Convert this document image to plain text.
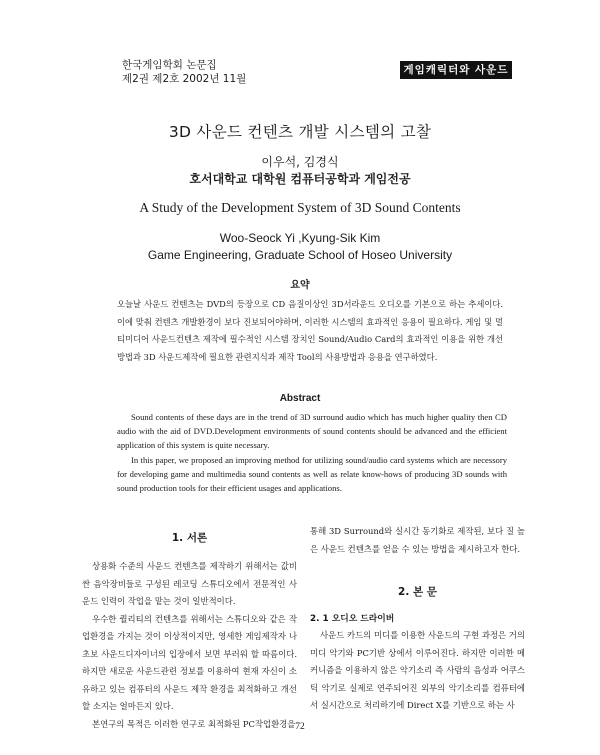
한국게임학회 논문집
제2권 제2호 2002년 11월
게임캐릭터와 사운드
3D 사운드 컨텐츠 개발 시스템의 고찰
이우석, 김경식
호서대학교 대학원 컴퓨터공학과 게임전공
A Study of the Development System of 3D Sound Contents
Woo-Seock Yi ,Kyung-Sik Kim
Game Engineering, Graduate School of Hoseo University
요약

오늘날 사운드 컨텐츠는 DVD의 등장으로 CD 음질이상인 3D서라운드 오디오를 기본으로 하는 추세이다. 이에 맞춰 컨텐츠 개발환경이 보다 진보되어야하며, 이러한 시스템의 효과적인 응용이 필요하다. 게임 및 멀티미디어 사운드컨텐츠 제작에 필수적인 시스템 장치인 Sound/Audio Card의 효과적인 이용을 위한 개선방법과 3D 사운드제작에 필요한 관련지식과 제작 Tool의 사용방법과 응용을 연구하였다.

Abstract

Sound contents of these days are in the trend of 3D surround audio which has much higher quality then CD audio with the aid of DVD.Development environments of sound contents should be advanced and the efficient application of this system is quite necessary.

In this paper, we proposed an improving method for utilizing sound/audio card systems which are necessory for developing game and multimedia sound contents as well as relate know-hows of producing 3D sounds with sound production tools for their efficient usages and applications.

1. 서론

상용화 수준의 사운드 컨텐츠를 제작하기 위해서는 값비싼 음악장비들로 구성된 레코딩 스튜디오에서 전문적인 사운드 인력이 작업을 맡는 것이 일반적이다.

우수한 퀄리티의 컨텐츠를 위해서는 스튜디오와 같은 작업환경을 가지는 것이 이상적이지만, 영세한 게임제작자 나 초보 사운드디자이너의 입장에서 보면 부러워 할 따름이다. 하지만 새로운 사운드관련 정보를 이용하여 현재 자신이 소유하고 있는 컴퓨터의 사운드 제작 환경을 최적화하고 개선할 소지는 얼마든지 있다.

본연구의 목적은 이러한 연구로 최적화된 PC작업환경을

통해 3D Surround와 실시간 동기화로 제작된, 보다 질 높은 사운드 컨텐츠를 얻을 수 있는 방법을 제시하고자 한다.

2. 본 문
2. 1 오디오 드라이버

사운드 카드의 미디를 이용한 사운드의 구현 과정은 거의 미디 악기와 PC기반 상에서 이루어진다. 하지만 이러한 메커니즘을 이용하지 않은 악기소리 즉 사람의 음성과 어쿠스틱 악기로 실제로 연주되어진 외부의 악기소리를 컴퓨터에서 실시간으로 처리하기에 Direct X를 기반으로 하는 사

72
